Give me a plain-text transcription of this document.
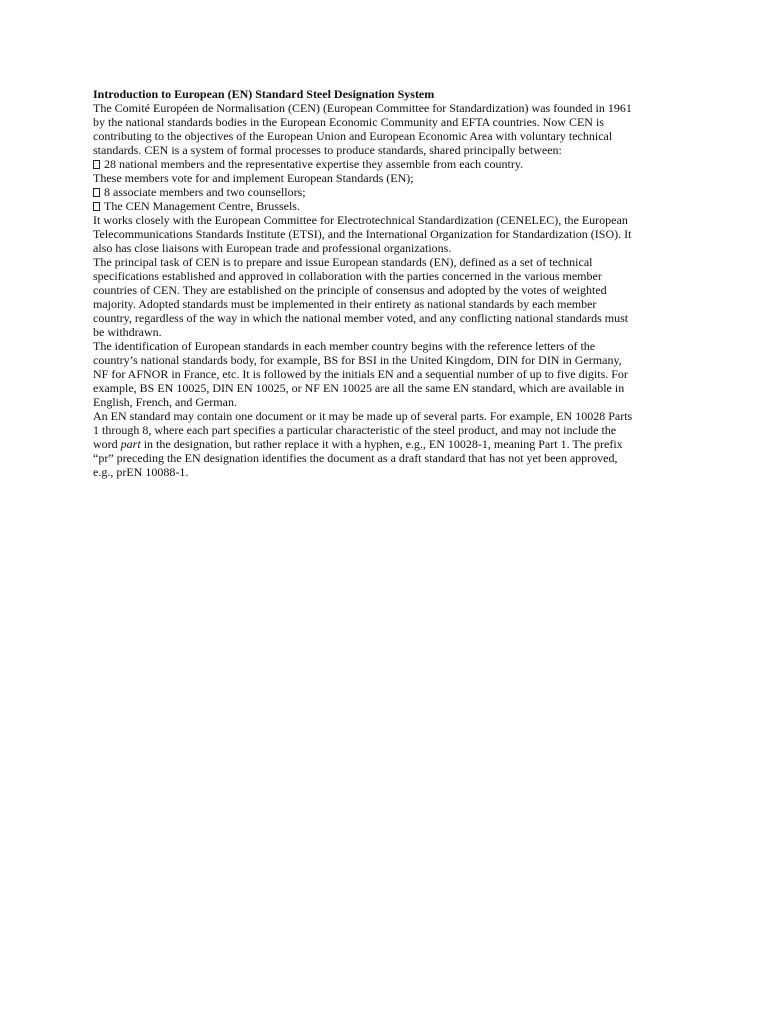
Introduction to European (EN) Standard Steel Designation System

The Comité Européen de Normalisation (CEN) (European Committee for Standardization) was founded in 1961 by the national standards bodies in the European Economic Community and EFTA countries. Now CEN is contributing to the objectives of the European Union and European Economic Area with voluntary technical standards. CEN is a system of formal processes to produce standards, shared principally between:

28 national members and the representative expertise they assemble from each country.

These members vote for and implement European Standards (EN);

8 associate members and two counsellors;

The CEN Management Centre, Brussels.

It works closely with the European Committee for Electrotechnical Standardization (CENELEC), the European Telecommunications Standards Institute (ETSI), and the International Organization for Standardization (ISO). It also has close liaisons with European trade and professional organizations.

The principal task of CEN is to prepare and issue European standards (EN), defined as a set of technical specifications established and approved in collaboration with the parties concerned in the various member countries of CEN. They are established on the principle of consensus and adopted by the votes of weighted majority. Adopted standards must be implemented in their entirety as national standards by each member country, regardless of the way in which the national member voted, and any conflicting national standards must be withdrawn.

The identification of European standards in each member country begins with the reference letters of the country’s national standards body, for example, BS for BSI in the United Kingdom, DIN for DIN in Germany, NF for AFNOR in France, etc. It is followed by the initials EN and a sequential number of up to five digits. For example, BS EN 10025, DIN EN 10025, or NF EN 10025 are all the same EN standard, which are available in English, French, and German.

An EN standard may contain one document or it may be made up of several parts. For example, EN 10028 Parts 1 through 8, where each part specifies a particular characteristic of the steel product, and may not include the word part in the designation, but rather replace it with a hyphen, e.g., EN 10028-1, meaning Part 1. The prefix “pr” preceding the EN designation identifies the document as a draft standard that has not yet been approved, e.g., prEN 10088-1.
